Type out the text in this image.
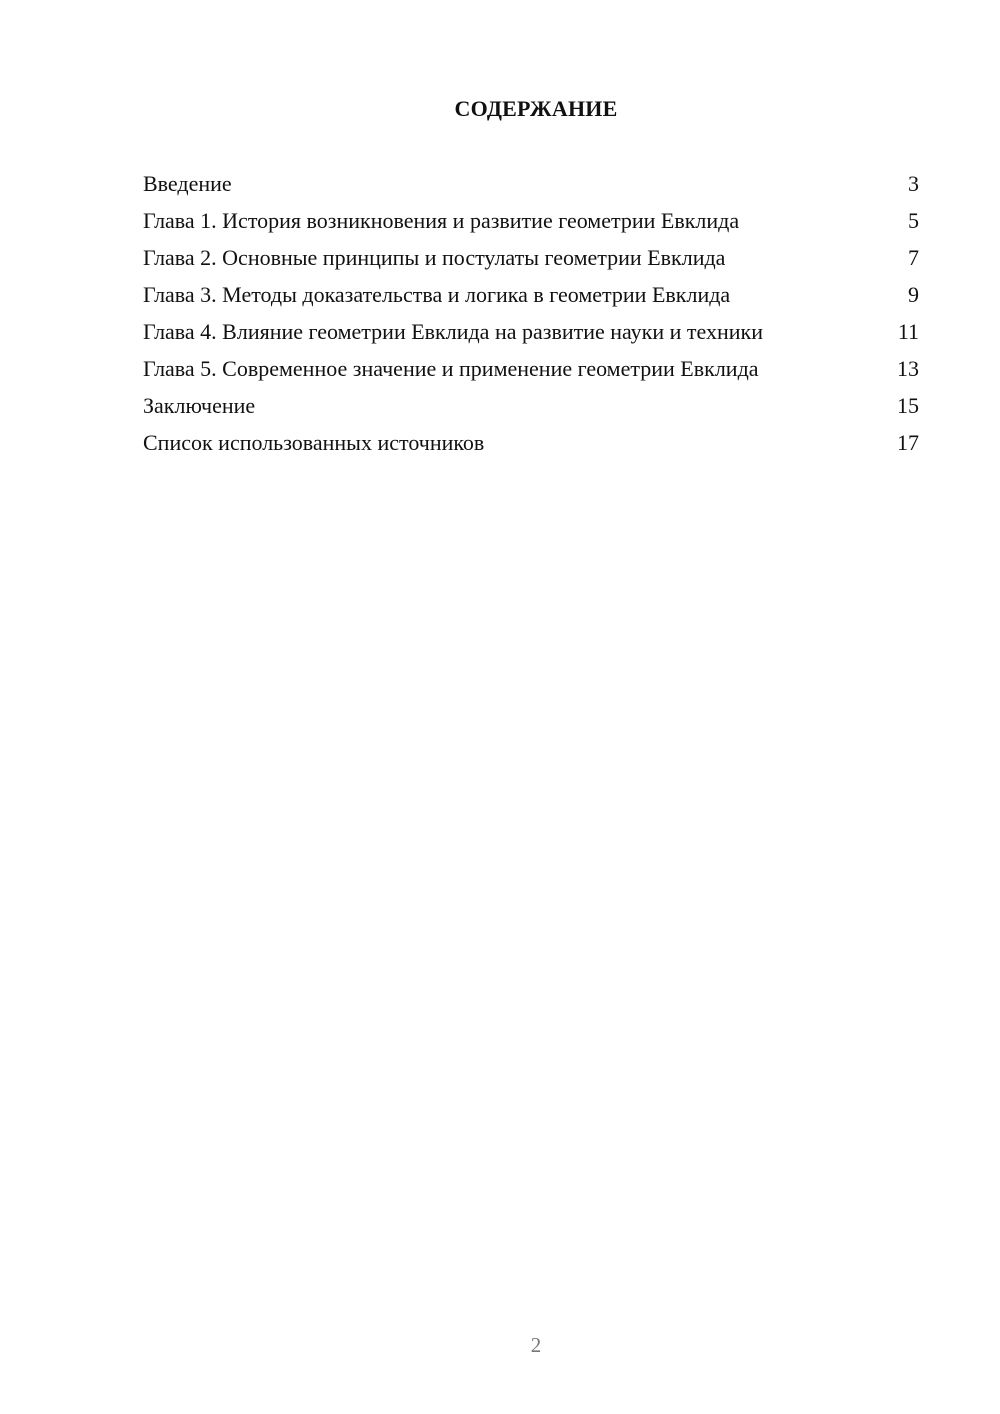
СОДЕРЖАНИЕ
Введение	3
Глава 1. История возникновения и развитие геометрии Евклида	5
Глава 2. Основные принципы и постулаты геометрии Евклида	7
Глава 3. Методы доказательства и логика в геометрии Евклида	9
Глава 4. Влияние геометрии Евклида на развитие науки и техники	11
Глава 5. Современное значение и применение геометрии Евклида	13
Заключение	15
Список использованных источников	17
2
